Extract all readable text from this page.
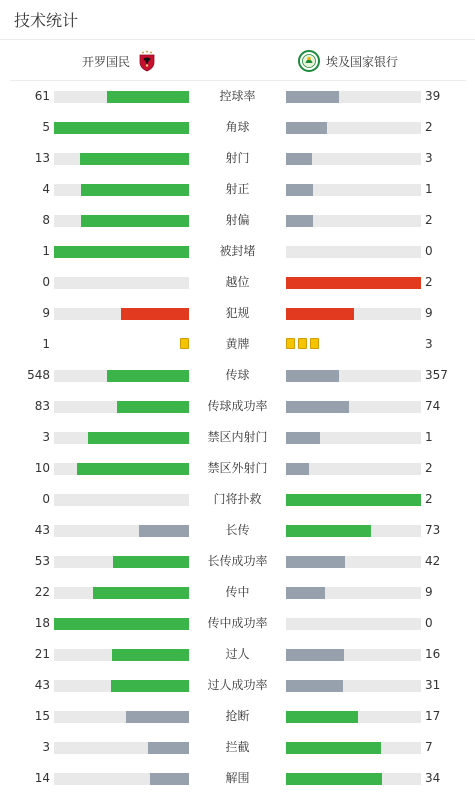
技术统计
开罗国民	埃及国家银行
61	控球率	39
5	角球	2
13	射门	3
4	射正	1
8	射偏	2
1	被封堵	0
0	越位	2
9	犯规	9
1	黄牌	3
548	传球	357
83	传球成功率	74
3	禁区内射门	1
10	禁区外射门	2
0	门将扑救	2
43	长传	73
53	长传成功率	42
22	传中	9
18	传中成功率	0
21	过人	16
43	过人成功率	31
15	抢断	17
3	拦截	7
14	解围	34
